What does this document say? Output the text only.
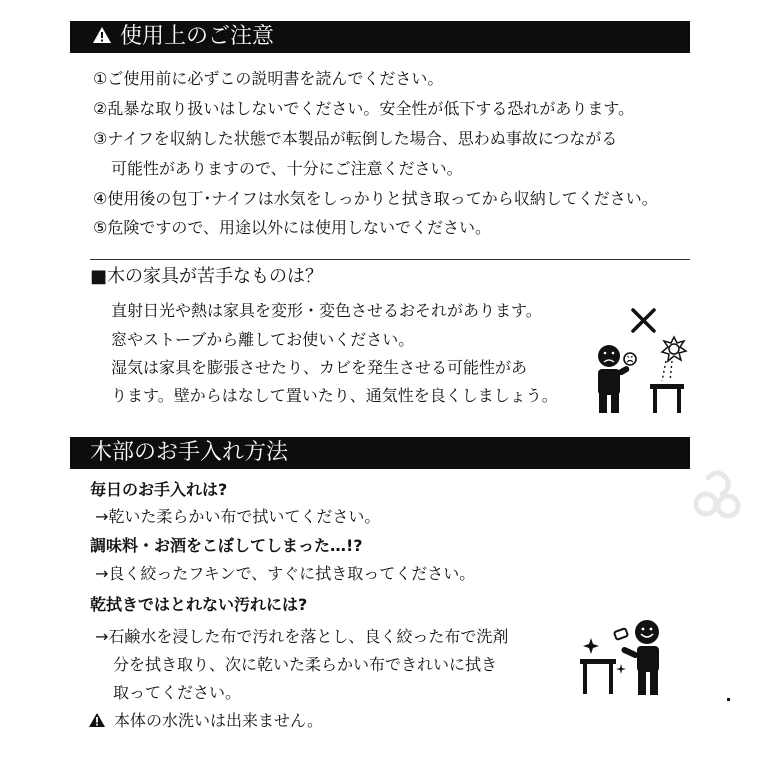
使用上のご注意
①ご使用前に必ずこの説明書を読んでください。
②乱暴な取り扱いはしないでください。安全性が低下する恐れがあります。
③ナイフを収納した状態で本製品が転倒した場合、思わぬ事故につながる
可能性がありますので、十分にご注意ください。
④使用後の包丁･ナイフは水気をしっかりと拭き取ってから収納してください。
⑤危険ですので、用途以外には使用しないでください。
■木の家具が苦手なものは？
直射日光や熱は家具を変形・変色させるおそれがあります。
窓やストーブから離してお使いください。
湿気は家具を膨張させたり、カビを発生させる可能性があ
ります。壁からはなして置いたり、通気性を良くしましょう。
木部のお手入れ方法
毎日のお手入れは?
→乾いた柔らかい布で拭いてください。
調味料・お酒をこぼしてしまった…!?
→良く絞ったフキンで、すぐに拭き取ってください。
乾拭きではとれない汚れには?
→石鹸水を浸した布で汚れを落とし、良く絞った布で洗剤
分を拭き取り、次に乾いた柔らかい布できれいに拭き
取ってください。
本体の水洗いは出来ません。
